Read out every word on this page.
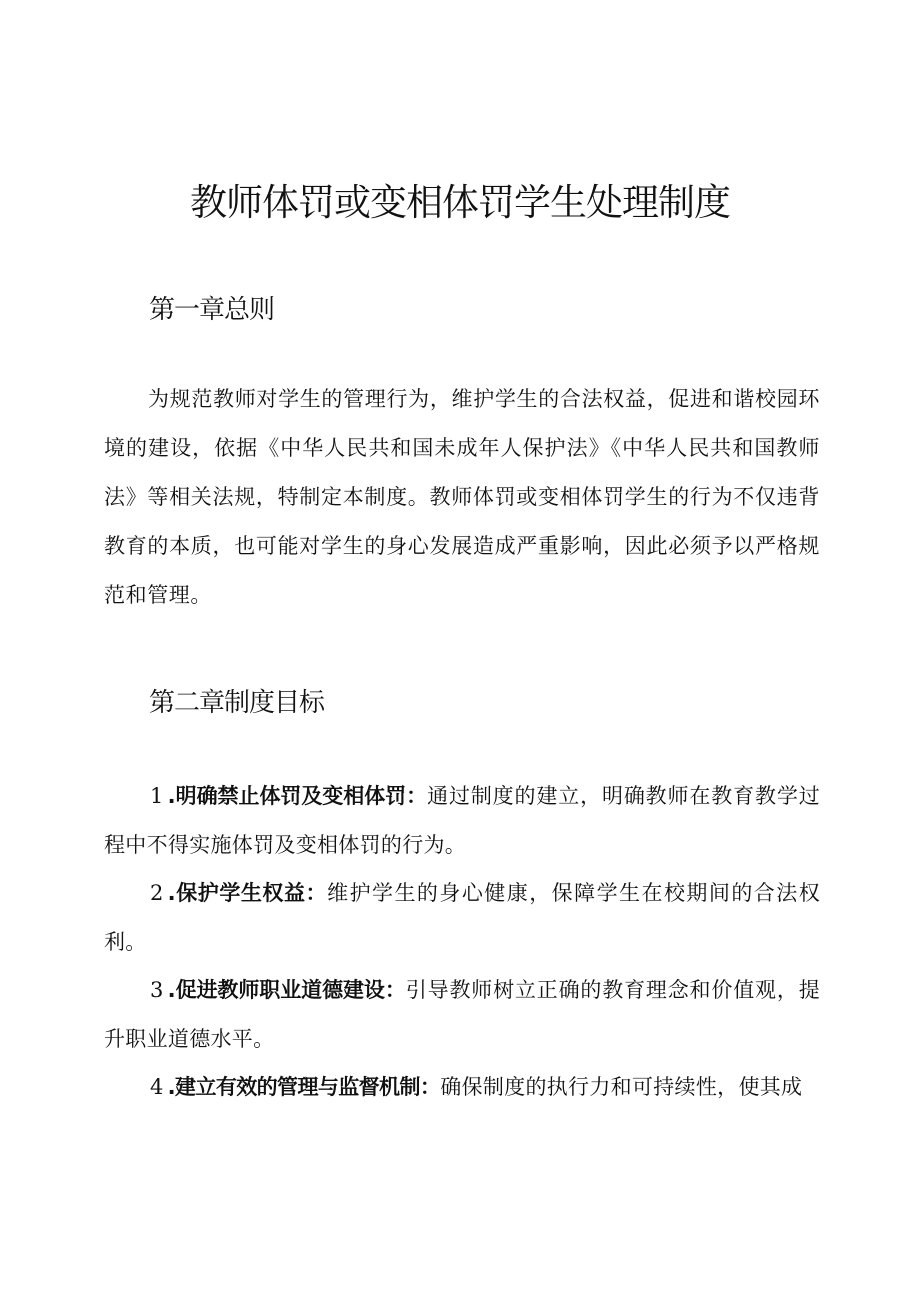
教师体罚或变相体罚学生处理制度
第一章总则

为规范教师对学生的管理行为，维护学生的合法权益，促进和谐校园环境的建设，依据《中华人民共和国未成年人保护法》《中华人民共和国教师法》等相关法规，特制定本制度。教师体罚或变相体罚学生的行为不仅违背教育的本质，也可能对学生的身心发展造成严重影响，因此必须予以严格规范和管理。

第二章制度目标

1 .明确禁止体罚及变相体罚：通过制度的建立，明确教师在教育教学过程中不得实施体罚及变相体罚的行为。

2 .保护学生权益：维护学生的身心健康，保障学生在校期间的合法权利。

3 .促进教师职业道德建设：引导教师树立正确的教育理念和价值观，提升职业道德水平。

4 .建立有效的管理与监督机制：确保制度的执行力和可持续性，使其成
